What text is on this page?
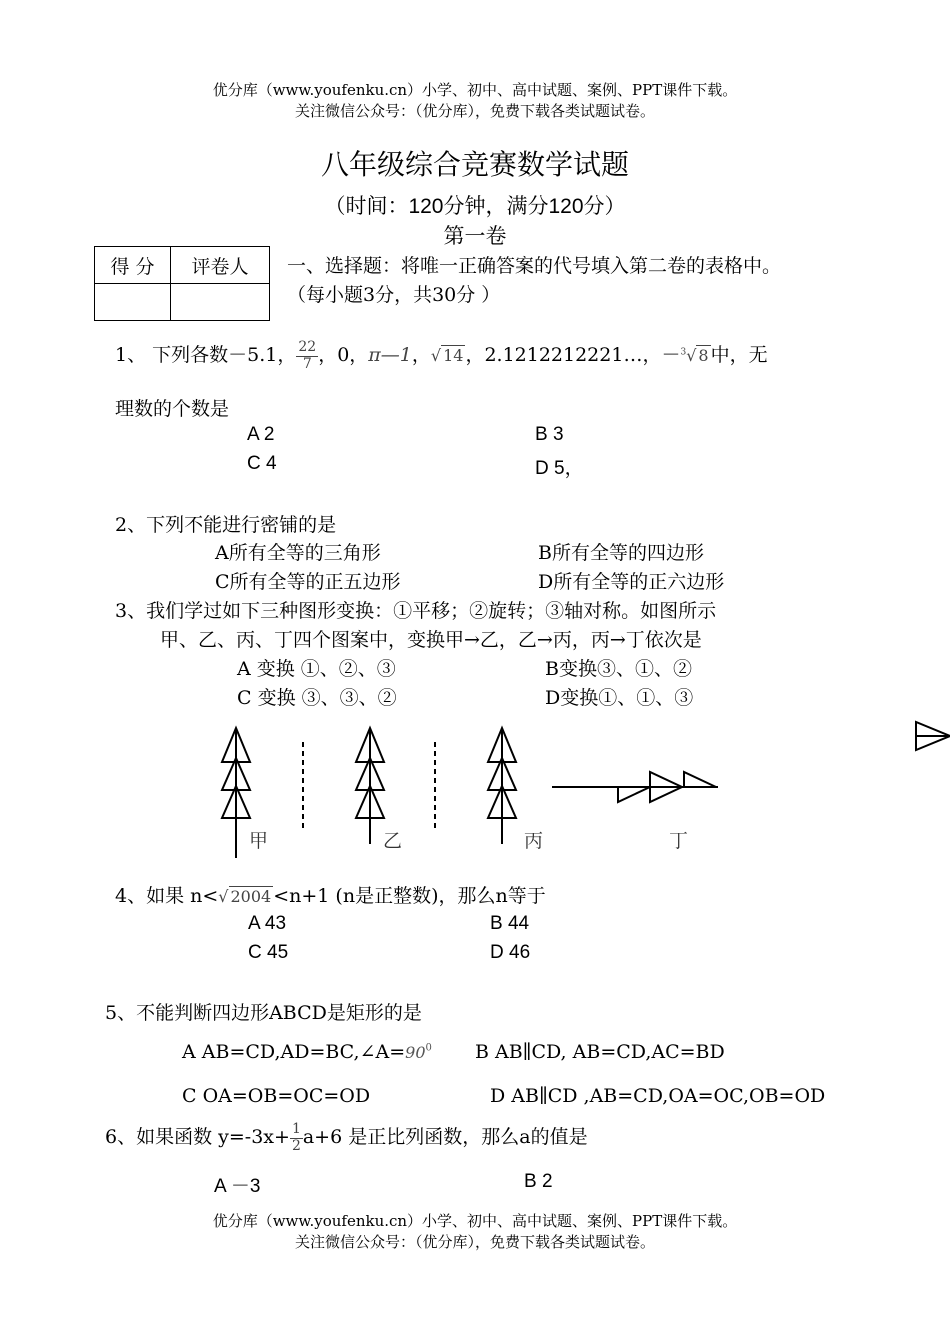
优分库（www.youfenku.cn）小学、初中、高中试题、案例、PPT课件下载。
关注微信公众号：（优分库），免费下载各类试题试卷。
八年级综合竞赛数学试题
（时间：120分钟，满分120分）
第一卷
得 分	评卷人
	一、选择题：将唯一正确答案的代号填入第二卷的表格中。
（每小题3分，共30分 ）
1、 下列各数－5.1， $\frac{22}{7}$ ，0，π—1，√ 14 ，2.1212212221…，－$^3$√ 8 中，无
理数的个数是
A 2	B 3
C 4	D 5，
2、下列不能进行密铺的是
A所有全等的三角形	B所有全等的四边形
C所有全等的正五边形	D所有全等的正六边形
3、我们学过如下三种图形变换：①平移；②旋转；③轴对称。如图所示
甲、乙、丙、丁四个图案中，变换甲→乙，乙→丙，丙→丁依次是
A 变换 ①、②、③	B变换③、①、②
C 变换 ③、③、②	D变换①、①、③
甲	乙	丙	丁
4、如果 n<√ 2004 <n+1 (n是正整数)，那么n等于
A 43	B 44
C 45	D 46
5、不能判断四边形ABCD是矩形的是
A $AB=CD,AD=BC,\angle A=90^0$ B AB∥CD, AB=CD,AC=BD
C OA=OB=OC=OD	D AB∥CD ,AB=CD,OA=OC,OB=OD
6、如果函数 $y=-3x+ \frac{1}{2} a+6$ 是正比列函数，那么a的值是
A －3	B 2
优分库（www.youfenku.cn）小学、初中、高中试题、案例、PPT课件下载。
关注微信公众号：（优分库），免费下载各类试题试卷。
